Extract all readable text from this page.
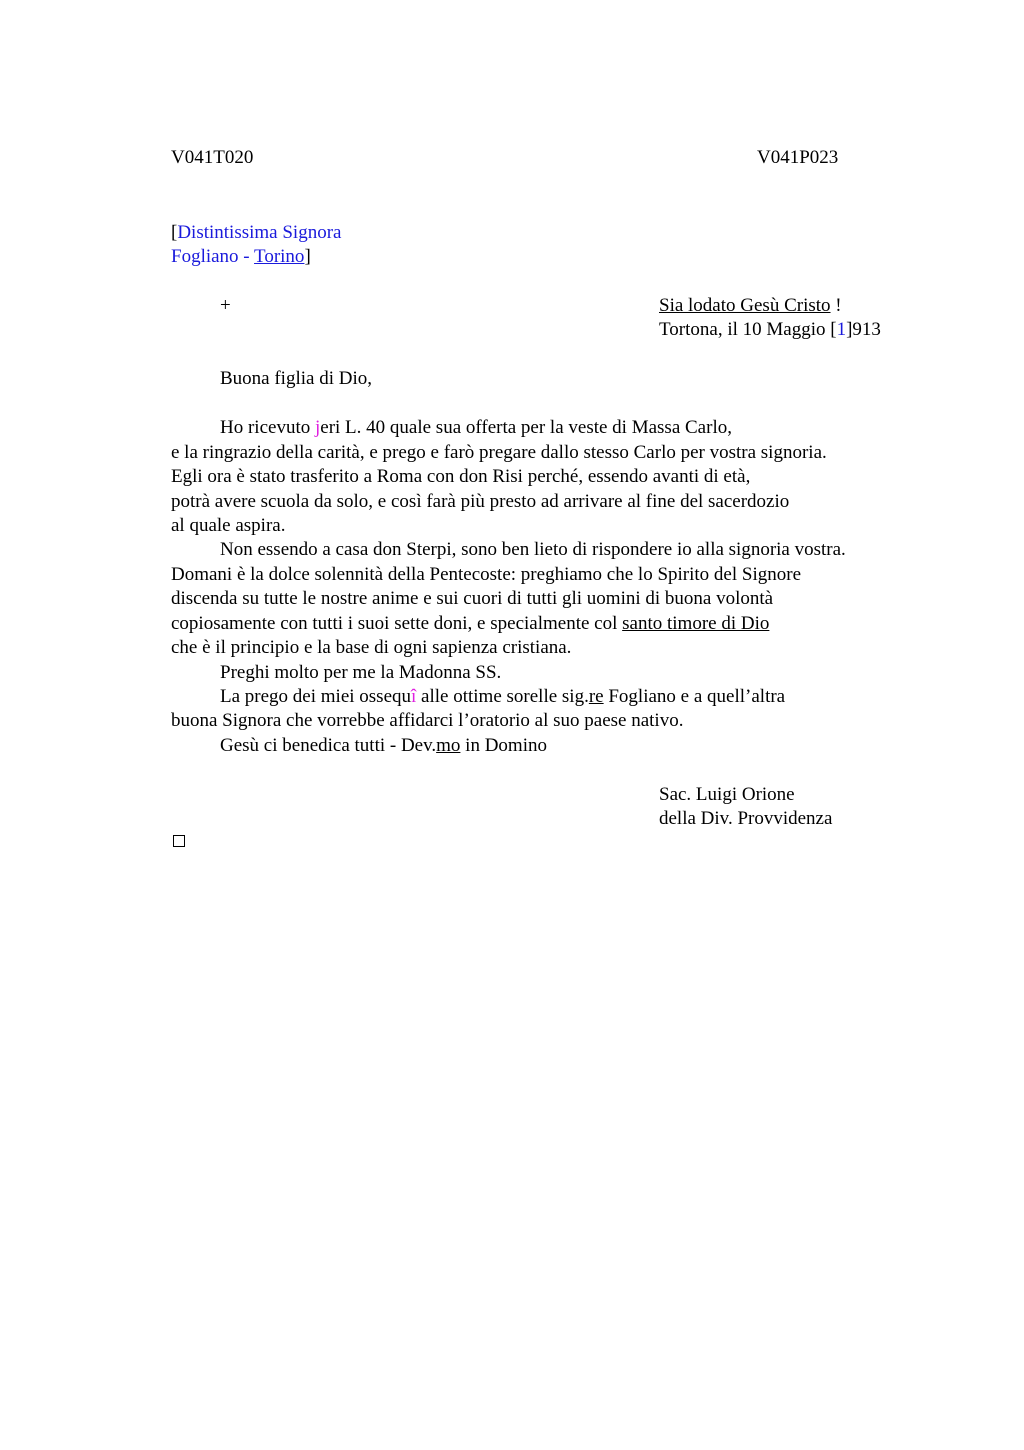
V041T020	V041P023
[Distintissima Signora
Fogliano - Torino]
+	Sia lodato Gesù Cristo !
Tortona, il 10 Maggio [1]913
Buona figlia di Dio,
Ho ricevuto jeri L. 40 quale sua offerta per la veste di Massa Carlo,
e la ringrazio della carità, e prego e farò pregare dallo stesso Carlo per vostra signoria.
Egli ora è stato trasferito a Roma con don Risi perché, essendo avanti di età,
potrà avere scuola da solo, e così farà più presto ad arrivare al fine del sacerdozio
al quale aspira.
Non essendo a casa don Sterpi, sono ben lieto di rispondere io alla signoria vostra.
Domani è la dolce solennità della Pentecoste: preghiamo che lo Spirito del Signore
discenda su tutte le nostre anime e sui cuori di tutti gli uomini di buona volontà
copiosamente con tutti i suoi sette doni, e specialmente col santo timore di Dio
che è il principio e la base di ogni sapienza cristiana.
Preghi molto per me la Madonna SS.
La prego dei miei ossequî alle ottime sorelle sig.re Fogliano e a quell’altra
buona Signora che vorrebbe affidarci l’oratorio al suo paese nativo.
Gesù ci benedica tutti - Dev.mo in Domino
Sac. Luigi Orione
della Div. Provvidenza
